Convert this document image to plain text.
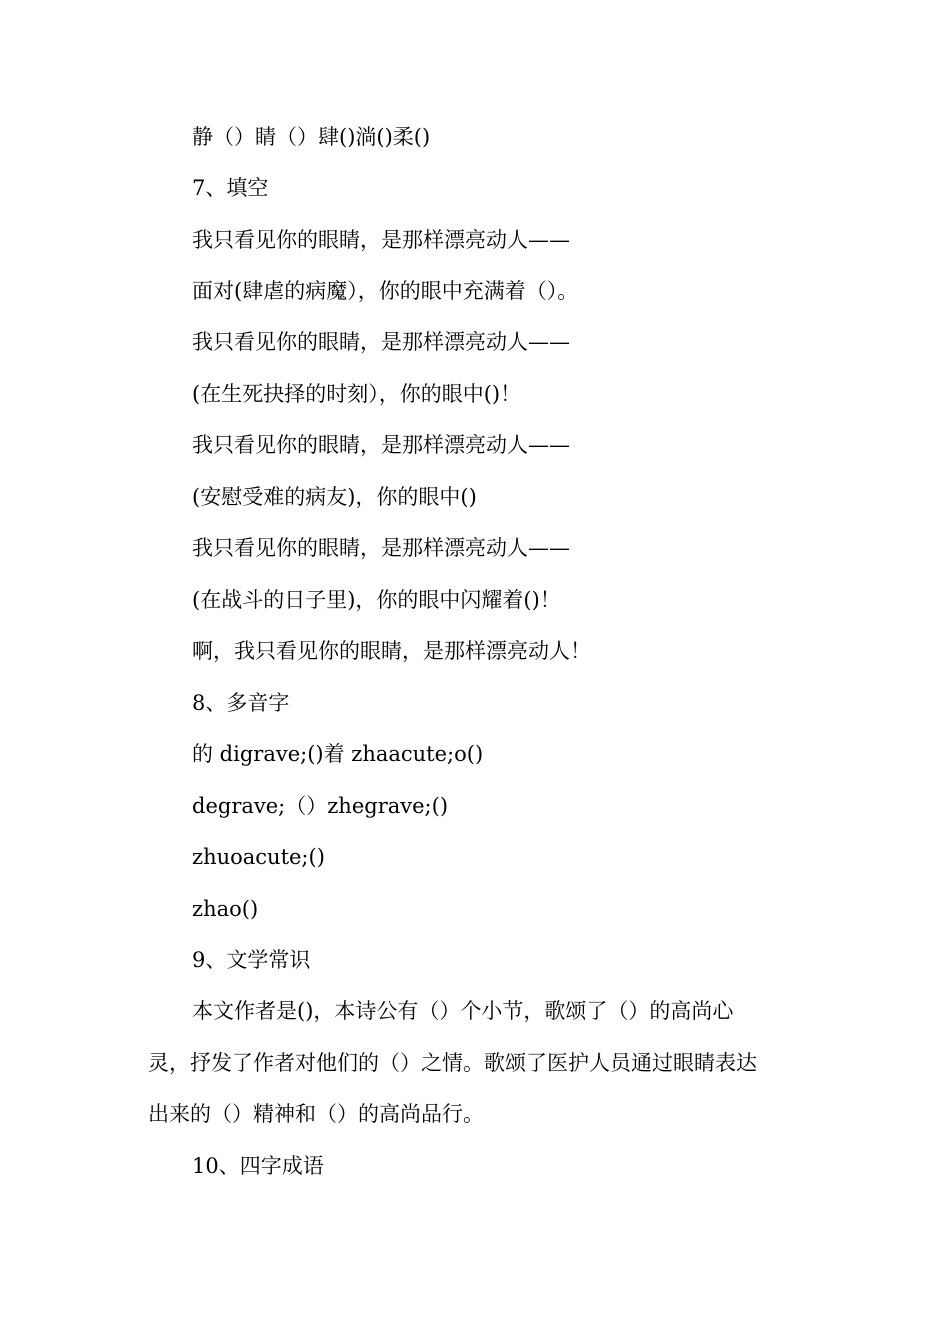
静（）睛（）肆()淌()柔()
7、填空
我只看见你的眼睛，是那样漂亮动人——
面对(肆虐的病魔），你的眼中充满着（）。
我只看见你的眼睛，是那样漂亮动人——
(在生死抉择的时刻），你的眼中()！
我只看见你的眼睛，是那样漂亮动人——
(安慰受难的病友)，你的眼中()
我只看见你的眼睛，是那样漂亮动人——
(在战斗的日子里)，你的眼中闪耀着()！
啊，我只看见你的眼睛，是那样漂亮动人！
8、多音字
的 digrave;()着 zhaacute;o()
degrave;（）zhegrave;()
zhuoacute;()
zhao()
9、文学常识
本文作者是()，本诗公有（）个小节，歌颂了（）的高尚心
灵，抒发了作者对他们的（）之情。歌颂了医护人员通过眼睛表达
出来的（）精神和（）的高尚品行。
10、四字成语
